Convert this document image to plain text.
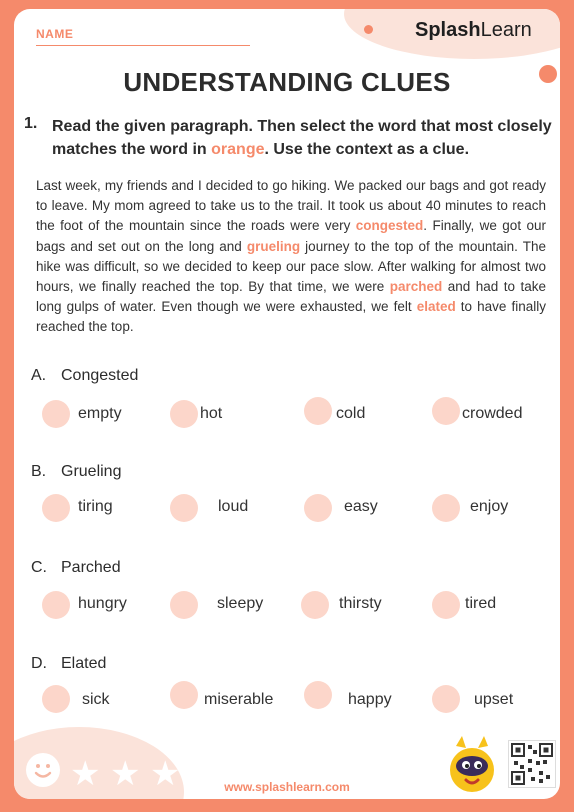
NAME	SplashLearn
UNDERSTANDING CLUES
1. Read the given paragraph. Then select the word that most closely matches the word in orange. Use the context as a clue.
Last week, my friends and I decided to go hiking. We packed our bags and got ready to leave. My mom agreed to take us to the trail. It took us about 40 minutes to reach the foot of the mountain since the roads were very congested. Finally, we got our bags and set out on the long and grueling journey to the top of the mountain. The hike was difficult, so we decided to keep our pace slow. After walking for almost two hours, we finally reached the top. By that time, we were parched and had to take long gulps of water. Even though we were exhausted, we felt elated to have finally reached the top.
A. Congested
empty	hot	cold	crowded
B. Grueling
tiring	loud	easy	enjoy
C. Parched
hungry	sleepy	thirsty	tired
D. Elated
sick	miserable	happy	upset
★ ★ ★	www.splashlearn.com
